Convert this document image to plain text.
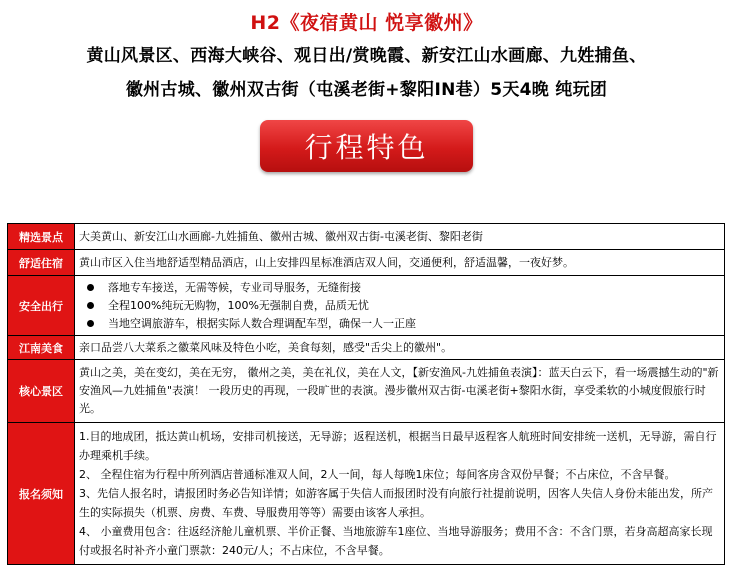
H2《夜宿黄山 悦享徽州》
黄山风景区、西海大峡谷、观日出/赏晚霞、新安江山水画廊、九姓捕鱼、
徽州古城、徽州双古街（屯溪老街+黎阳IN巷）5天4晚 纯玩团
行程特色
精选景点	大美黄山、新安江山水画廊-九姓捕鱼、徽州古城、徽州双古街-屯溪老街、黎阳老街
舒适住宿	黄山市区入住当地舒适型精品酒店，山上安排四星标准酒店双人间，交通便利，舒适温馨，一夜好梦。
安全出行	落地专车接送，无需等候，专业司导服务，无缝衔接
全程100%纯玩无购物，100%无强制自费，品质无忧
当地空调旅游车，根据实际人数合理调配车型，确保一人一正座

江南美食	亲口品尝八大菜系之徽菜风味及特色小吃，美食每刻，感受"舌尖上的徽州"。
核心景区	黄山之美，美在变幻，美在无穷， 徽州之美，美在礼仪，美在人文，【新安渔风-九姓捕鱼表演】：蓝天白云下，看一场震撼生动的"新安渔风—九姓捕鱼"表演！ 一段历史的再现，一段旷世的表演。漫步徽州双古街-屯溪老街+黎阳水街，享受柔软的小城度假旅行时光。
报名须知	1.目的地成团，抵达黄山机场，安排司机接送，无导游；返程送机，根据当日最早返程客人航班时间安排统一送机，无导游，需自行办理乘机手续。
2、 全程住宿为行程中所列酒店普通标准双人间，2人一间，每人每晚1床位；每间客房含双份早餐；不占床位，不含早餐。
3、先信人报名时，请报团时务必告知详情；如游客属于失信人而报团时没有向旅行社提前说明，因客人失信人身份未能出发，所产生的实际损失（机票、房费、车费、导服费用等等）需要由该客人承担。
4、 小童费用包含：往返经济舱儿童机票、半价正餐、当地旅游车1座位、当地导游服务；费用不含：不含门票，若身高超高家长现付或报名时补齐小童门票款：240元/人；不占床位，不含早餐。
